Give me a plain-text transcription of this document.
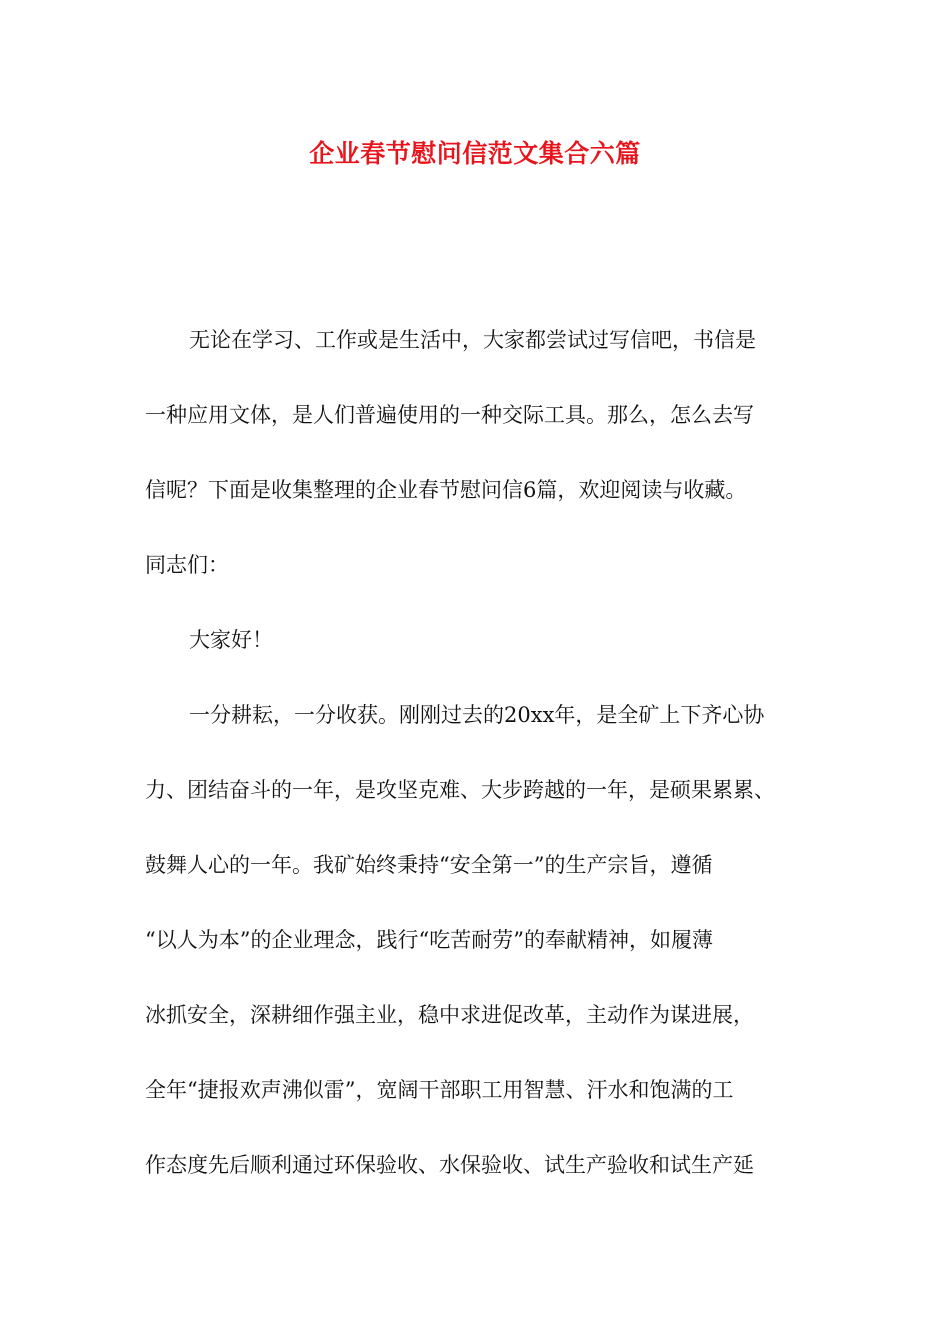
企业春节慰问信范文集合六篇
无论在学习、工作或是生活中，大家都尝试过写信吧，书信是
一种应用文体，是人们普遍使用的一种交际工具。那么，怎么去写
信呢？下面是收集整理的企业春节慰问信6篇，欢迎阅读与收藏。
同志们：
大家好！
一分耕耘，一分收获。刚刚过去的20xx年，是全矿上下齐心协
力、团结奋斗的一年，是攻坚克难、大步跨越的一年，是硕果累累、
鼓舞人心的一年。我矿始终秉持“安全第一”的生产宗旨，遵循
“以人为本”的企业理念，践行“吃苦耐劳”的奉献精神，如履薄
冰抓安全，深耕细作强主业，稳中求进促改革，主动作为谋进展，
全年“捷报欢声沸似雷”，宽阔干部职工用智慧、汗水和饱满的工
作态度先后顺利通过环保验收、水保验收、试生产验收和试生产延
